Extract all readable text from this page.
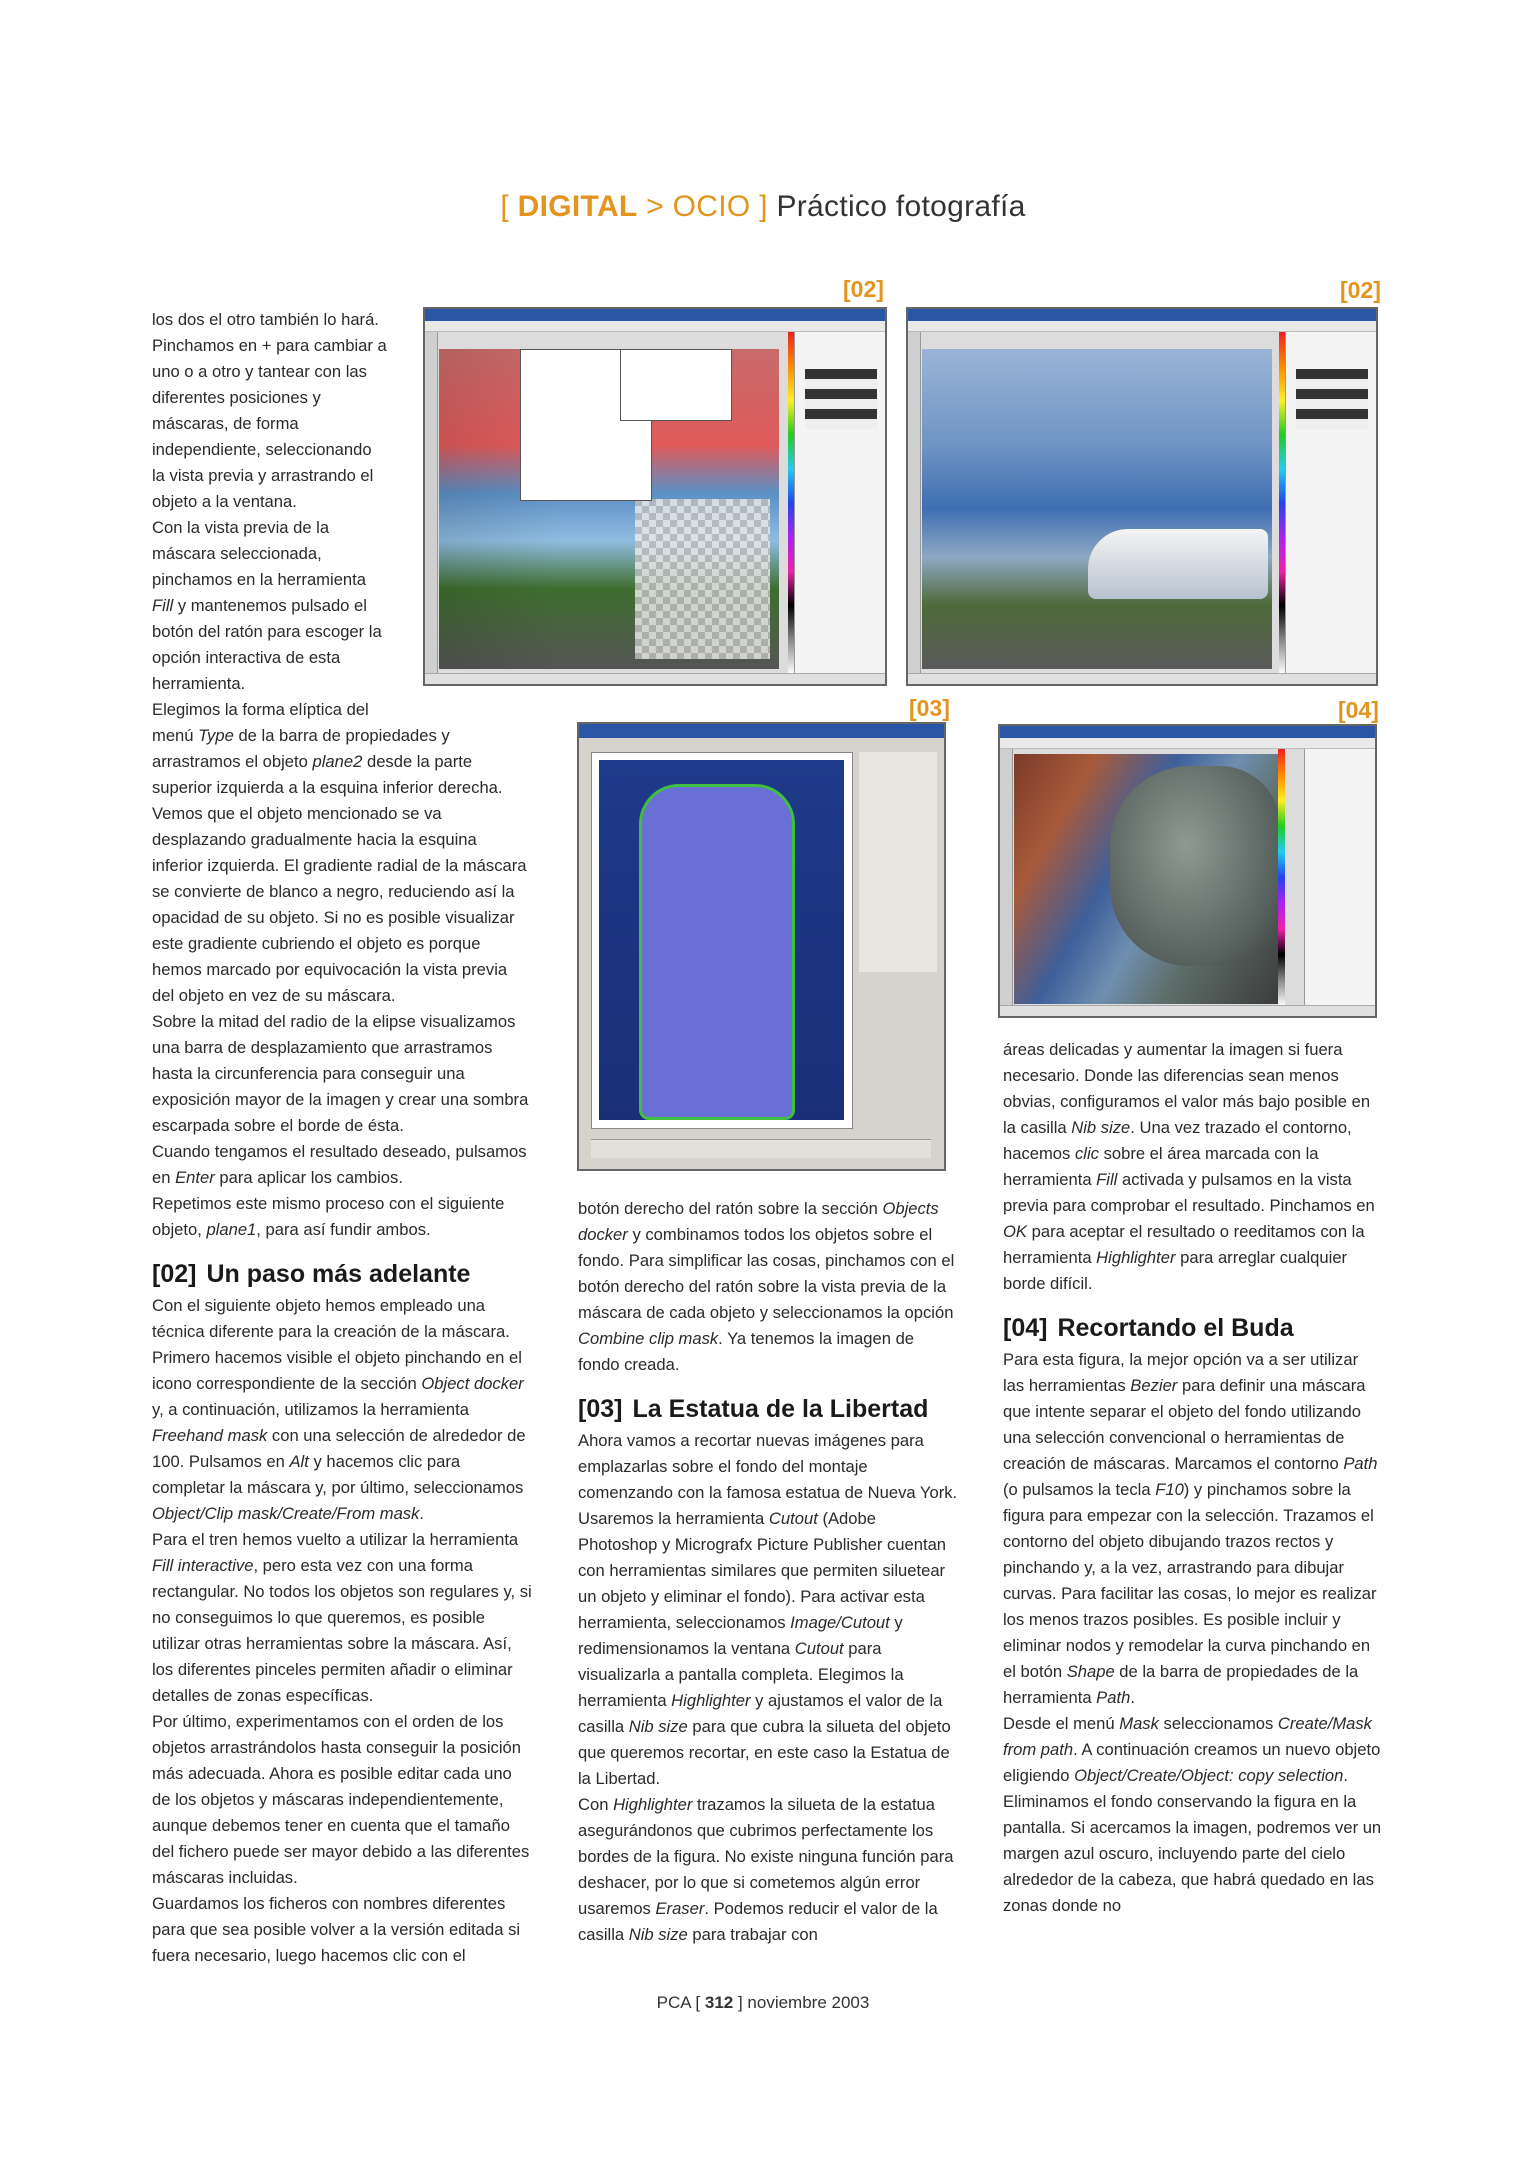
[ DIGITAL > OCIO ] Práctico fotografía
[02]	[02]
[03]	[04]

los dos el otro también lo hará. Pinchamos en + para cambiar a uno o a otro y tantear con las diferentes posiciones y máscaras, de forma independiente, seleccionando la vista previa y arrastrando el objeto a la ventana.

Con la vista previa de la máscara seleccionada, pinchamos en la herramienta Fill y mantenemos pulsado el botón del ratón para escoger la opción interactiva de esta herramienta.

Elegimos la forma elíptica del

menú Type de la barra de propiedades y arrastramos el objeto plane2 desde la parte superior izquierda a la esquina inferior derecha. Vemos que el objeto mencionado se va desplazando gradualmente hacia la esquina inferior izquierda. El gradiente radial de la máscara se convierte de blanco a negro, reduciendo así la opacidad de su objeto. Si no es posible visualizar este gradiente cubriendo el objeto es porque hemos marcado por equivocación la vista previa del objeto en vez de su máscara.

Sobre la mitad del radio de la elipse visualizamos una barra de desplazamiento que arrastramos hasta la circunferencia para conseguir una exposición mayor de la imagen y crear una sombra escarpada sobre el borde de ésta.

Cuando tengamos el resultado deseado, pulsamos en Enter para aplicar los cambios.

Repetimos este mismo proceso con el siguiente objeto, plane1, para así fundir ambos.

[02] Un paso más adelante

Con el siguiente objeto hemos empleado una técnica diferente para la creación de la máscara. Primero hacemos visible el objeto pinchando en el icono correspondiente de la sección Object docker y, a continuación, utilizamos la herramienta Freehand mask con una selección de alrededor de 100. Pulsamos en Alt y hacemos clic para completar la máscara y, por último, seleccionamos Object/Clip mask/Create/From mask.

Para el tren hemos vuelto a utilizar la herramienta Fill interactive, pero esta vez con una forma rectangular. No todos los objetos son regulares y, si no conseguimos lo que queremos, es posible utilizar otras herramientas sobre la máscara. Así, los diferentes pinceles permiten añadir o eliminar detalles de zonas específicas.

Por último, experimentamos con el orden de los objetos arrastrándolos hasta conseguir la posición más adecuada. Ahora es posible editar cada uno de los objetos y máscaras independientemente, aunque debemos tener en cuenta que el tamaño del fichero puede ser mayor debido a las diferentes máscaras incluidas.

Guardamos los ficheros con nombres diferentes para que sea posible volver a la versión editada si fuera necesario, luego hacemos clic con el

botón derecho del ratón sobre la sección Objects docker y combinamos todos los objetos sobre el fondo. Para simplificar las cosas, pinchamos con el botón derecho del ratón sobre la vista previa de la máscara de cada objeto y seleccionamos la opción Combine clip mask. Ya tenemos la imagen de fondo creada.

[03] La Estatua de la Libertad

Ahora vamos a recortar nuevas imágenes para emplazarlas sobre el fondo del montaje comenzando con la famosa estatua de Nueva York. Usaremos la herramienta Cutout (Adobe Photoshop y Micrografx Picture Publisher cuentan con herramientas similares que permiten siluetear un objeto y eliminar el fondo). Para activar esta herramienta, seleccionamos Image/Cutout y redimensionamos la ventana Cutout para visualizarla a pantalla completa. Elegimos la herramienta Highlighter y ajustamos el valor de la casilla Nib size para que cubra la silueta del objeto que queremos recortar, en este caso la Estatua de la Libertad.

Con Highlighter trazamos la silueta de la estatua asegurándonos que cubrimos perfectamente los bordes de la figura. No existe ninguna función para deshacer, por lo que si cometemos algún error usaremos Eraser. Podemos reducir el valor de la casilla Nib size para trabajar con

áreas delicadas y aumentar la imagen si fuera necesario. Donde las diferencias sean menos obvias, configuramos el valor más bajo posible en la casilla Nib size. Una vez trazado el contorno, hacemos clic sobre el área marcada con la herramienta Fill activada y pulsamos en la vista previa para comprobar el resultado. Pinchamos en OK para aceptar el resultado o reeditamos con la herramienta Highlighter para arreglar cualquier borde difícil.

[04] Recortando el Buda

Para esta figura, la mejor opción va a ser utilizar las herramientas Bezier para definir una máscara que intente separar el objeto del fondo utilizando una selección convencional o herramientas de creación de máscaras. Marcamos el contorno Path (o pulsamos la tecla F10) y pinchamos sobre la figura para empezar con la selección. Trazamos el contorno del objeto dibujando trazos rectos y pinchando y, a la vez, arrastrando para dibujar curvas. Para facilitar las cosas, lo mejor es realizar los menos trazos posibles. Es posible incluir y eliminar nodos y remodelar la curva pinchando en el botón Shape de la barra de propiedades de la herramienta Path.

Desde el menú Mask seleccionamos Create/Mask from path. A continuación creamos un nuevo objeto eligiendo Object/Create/Object: copy selection. Eliminamos el fondo conservando la figura en la pantalla. Si acercamos la imagen, podremos ver un margen azul oscuro, incluyendo parte del cielo alrededor de la cabeza, que habrá quedado en las zonas donde no

PCA [ 312 ] noviembre 2003
